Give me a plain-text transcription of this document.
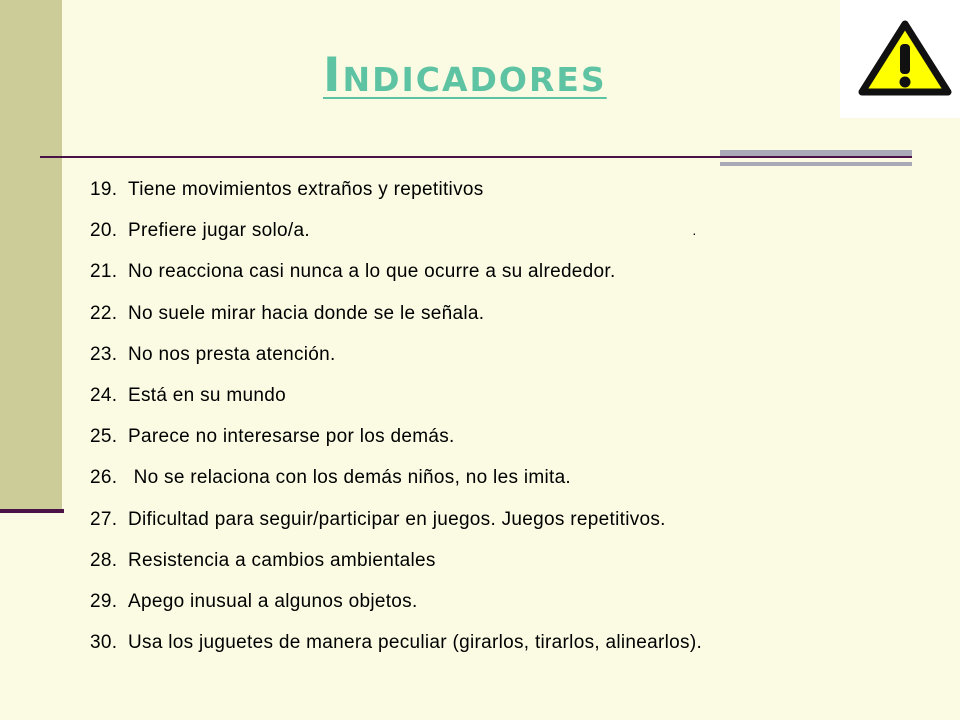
Indicadores
19. Tiene movimientos extraños y repetitivos
20. Prefiere jugar solo/a.
21. No reacciona casi nunca a lo que ocurre a su alrededor.
22. No suele mirar hacia donde se le señala.
23. No nos presta atención.
24. Está en su mundo
25. Parece no interesarse por los demás.
26. No se relaciona con los demás niños, no les imita.
27. Dificultad para seguir/participar en juegos. Juegos repetitivos.
28. Resistencia a cambios ambientales
29. Apego inusual a algunos objetos.
30. Usa los juguetes de manera peculiar (girarlos, tirarlos, alinearlos).
·
